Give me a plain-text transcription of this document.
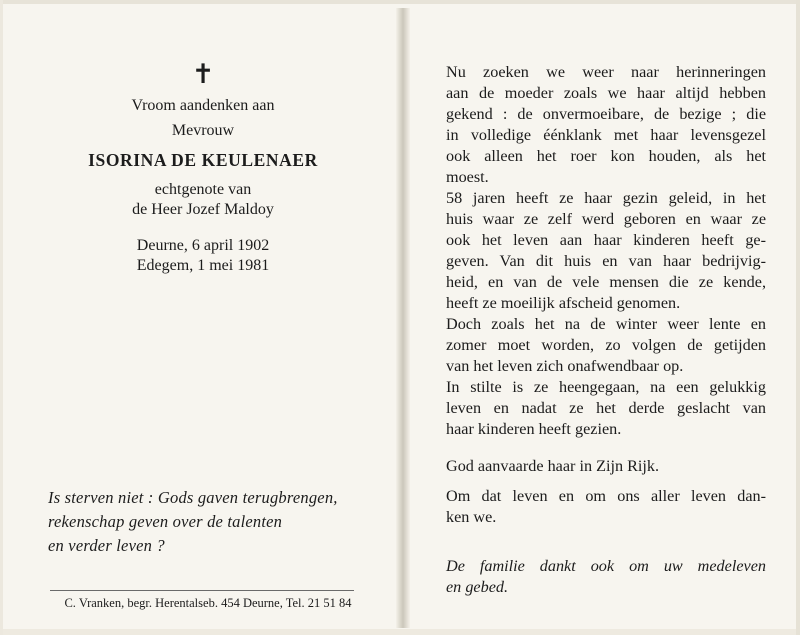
✝
Vroom aandenken aan
Mevrouw
ISORINA DE KEULENAER
echtgenote van
de Heer Jozef Maldoy
Deurne, 6 april 1902
Edegem, 1 mei 1981
Is sterven niet : Gods gaven terugbrengen,
rekenschap geven over de talenten
en verder leven ?
C. Vranken, begr. Herentalseb. 454 Deurne, Tel. 21 51 84
Nu zoeken we weer naar herinneringen
aan de moeder zoals we haar altijd hebben
gekend : de onvermoeibare, de bezige ; die
in volledige éénklank met haar levensgezel
ook alleen het roer kon houden, als het
moest.
58 jaren heeft ze haar gezin geleid, in het
huis waar ze zelf werd geboren en waar ze
ook het leven aan haar kinderen heeft ge-
geven. Van dit huis en van haar bedrijvig-
heid, en van de vele mensen die ze kende,
heeft ze moeilijk afscheid genomen.
Doch zoals het na de winter weer lente en
zomer moet worden, zo volgen de getijden
van het leven zich onafwendbaar op.
In stilte is ze heengegaan, na een gelukkig
leven en nadat ze het derde geslacht van
haar kinderen heeft gezien.
God aanvaarde haar in Zijn Rijk.
Om dat leven en om ons aller leven dan-
ken we.
De familie dankt ook om uw medeleven
en gebed.
